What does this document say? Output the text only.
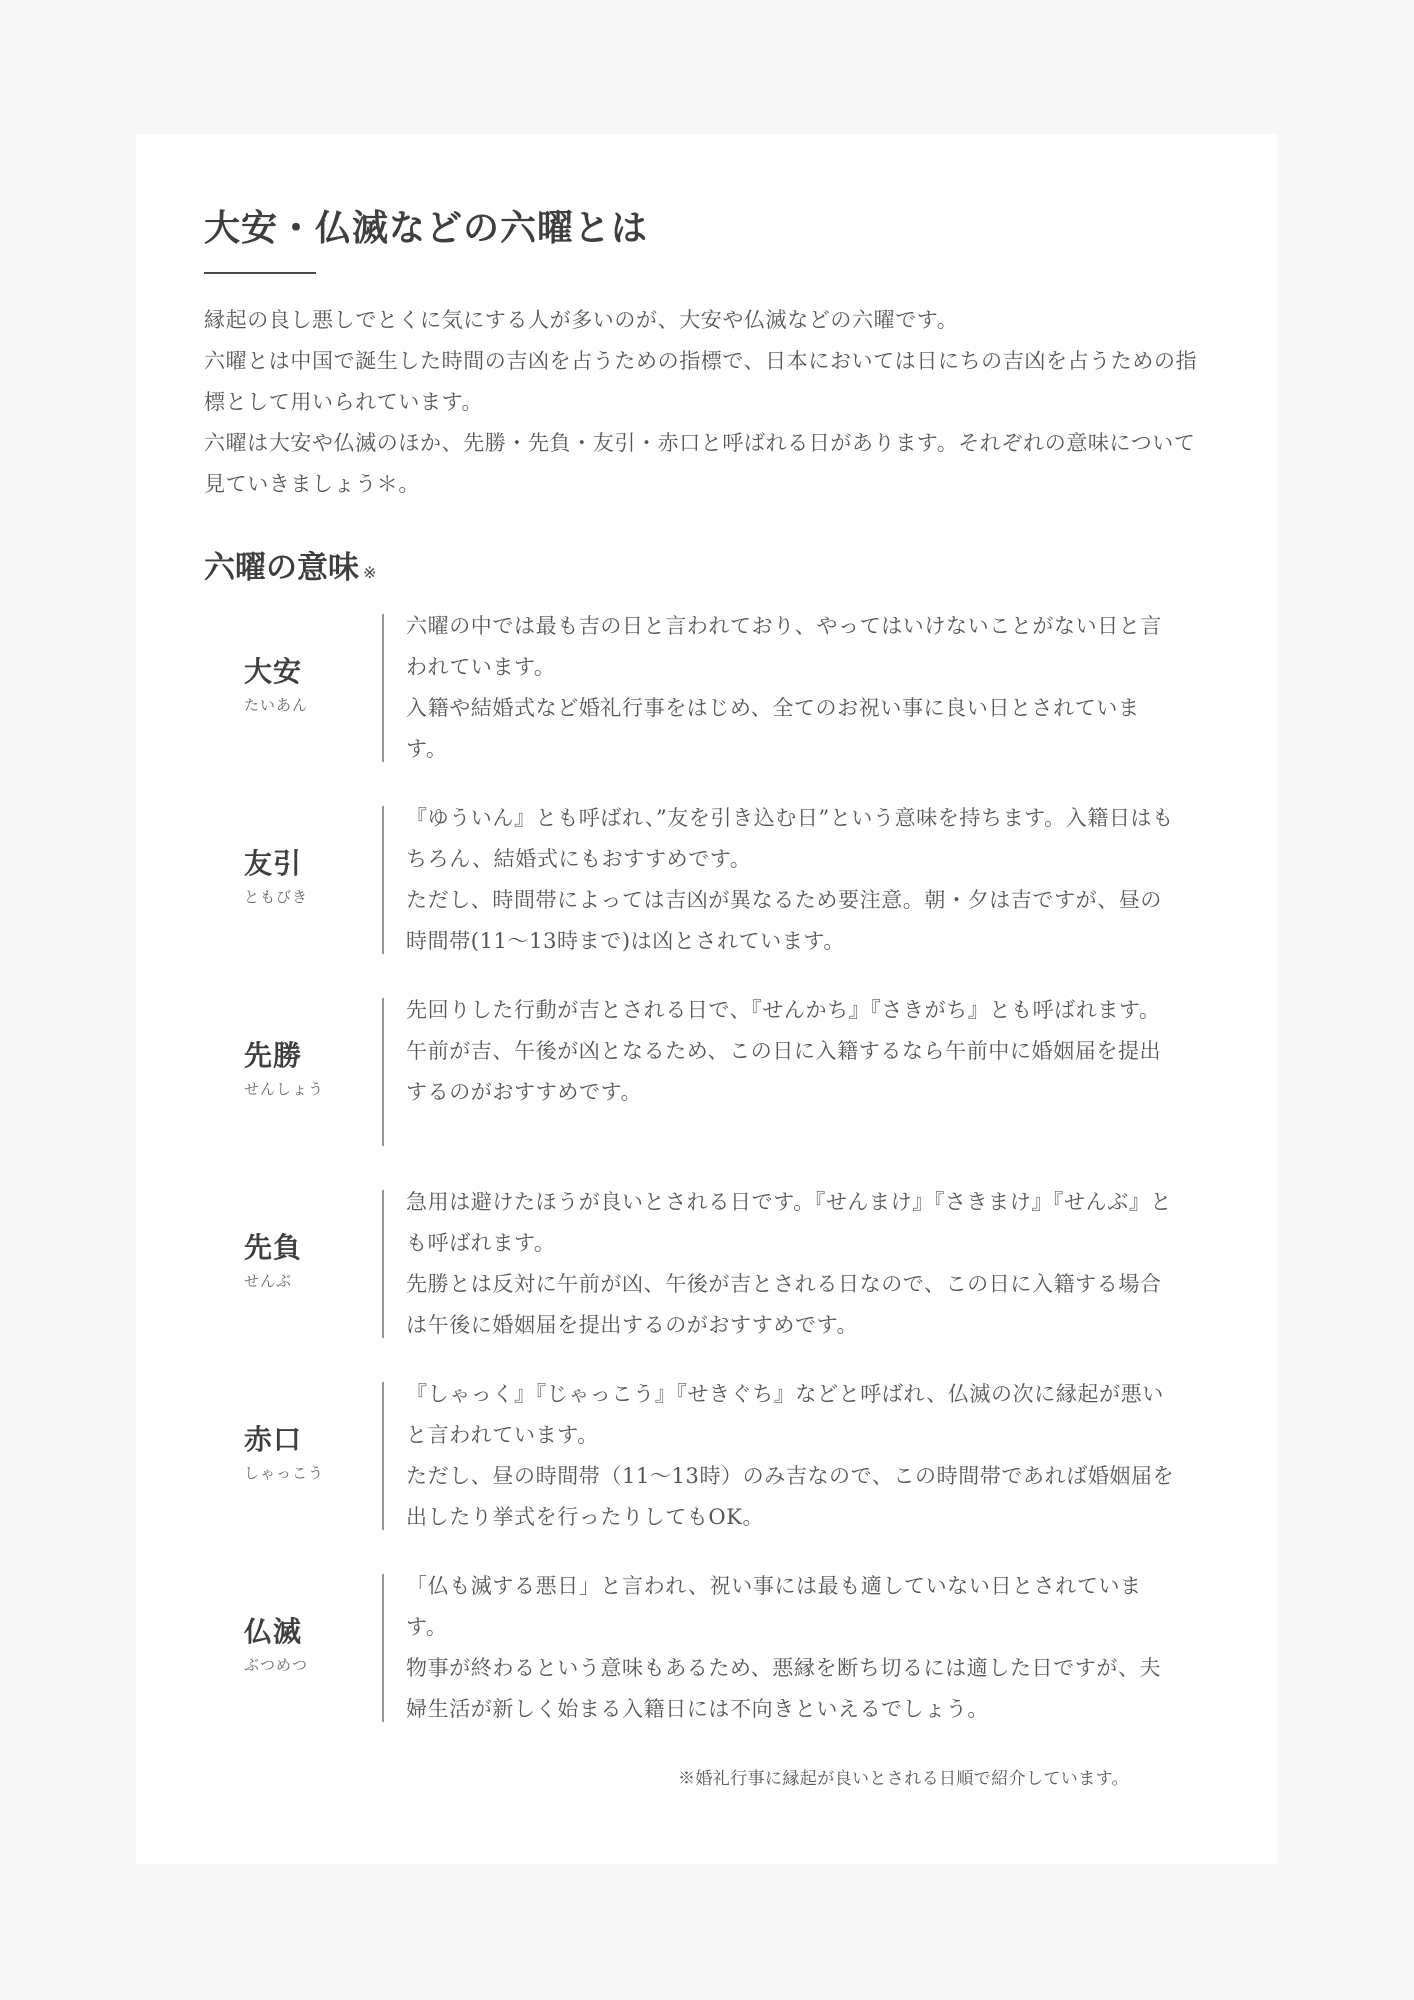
大安・仏滅などの六曜とは

縁起の良し悪しでとくに気にする人が多いのが、大安や仏滅などの六曜です。

六曜とは中国で誕生した時間の吉凶を占うための指標で、日本においては日にちの吉凶を占うための指標として用いられています。

六曜は大安や仏滅のほか、先勝・先負・友引・赤口と呼ばれる日があります。それぞれの意味について見ていきましょう＊。

六曜の意味 ※
大安
たいあん

六曜の中では最も吉の日と言われており、やってはいけないことがない日と言われています。

入籍や結婚式など婚礼行事をはじめ、全てのお祝い事に良い日とされています。

友引
ともびき

『ゆういん』とも呼ばれ、”友を引き込む日”という意味を持ちます。入籍日はもちろん、結婚式にもおすすめです。

ただし、時間帯によっては吉凶が異なるため要注意。朝・夕は吉ですが、昼の時間帯(11〜13時まで)は凶とされています。

先勝
せんしょう

先回りした行動が吉とされる日で、『せんかち』『さきがち』とも呼ばれます。

午前が吉、午後が凶となるため、この日に入籍するなら午前中に婚姻届を提出するのがおすすめです。

先負
せんぶ

急用は避けたほうが良いとされる日です。『せんまけ』『さきまけ』『せんぶ』とも呼ばれます。

先勝とは反対に午前が凶、午後が吉とされる日なので、この日に入籍する場合は午後に婚姻届を提出するのがおすすめです。

赤口
しゃっこう

『しゃっく』『じゃっこう』『せきぐち』などと呼ばれ、仏滅の次に縁起が悪いと言われています。

ただし、昼の時間帯（11〜13時）のみ吉なので、この時間帯であれば婚姻届を出したり挙式を行ったりしてもOK。

仏滅
ぶつめつ

「仏も滅する悪日」と言われ、祝い事には最も適していない日とされています。

物事が終わるという意味もあるため、悪縁を断ち切るには適した日ですが、夫婦生活が新しく始まる入籍日には不向きといえるでしょう。

※婚礼行事に縁起が良いとされる日順で紹介しています。
